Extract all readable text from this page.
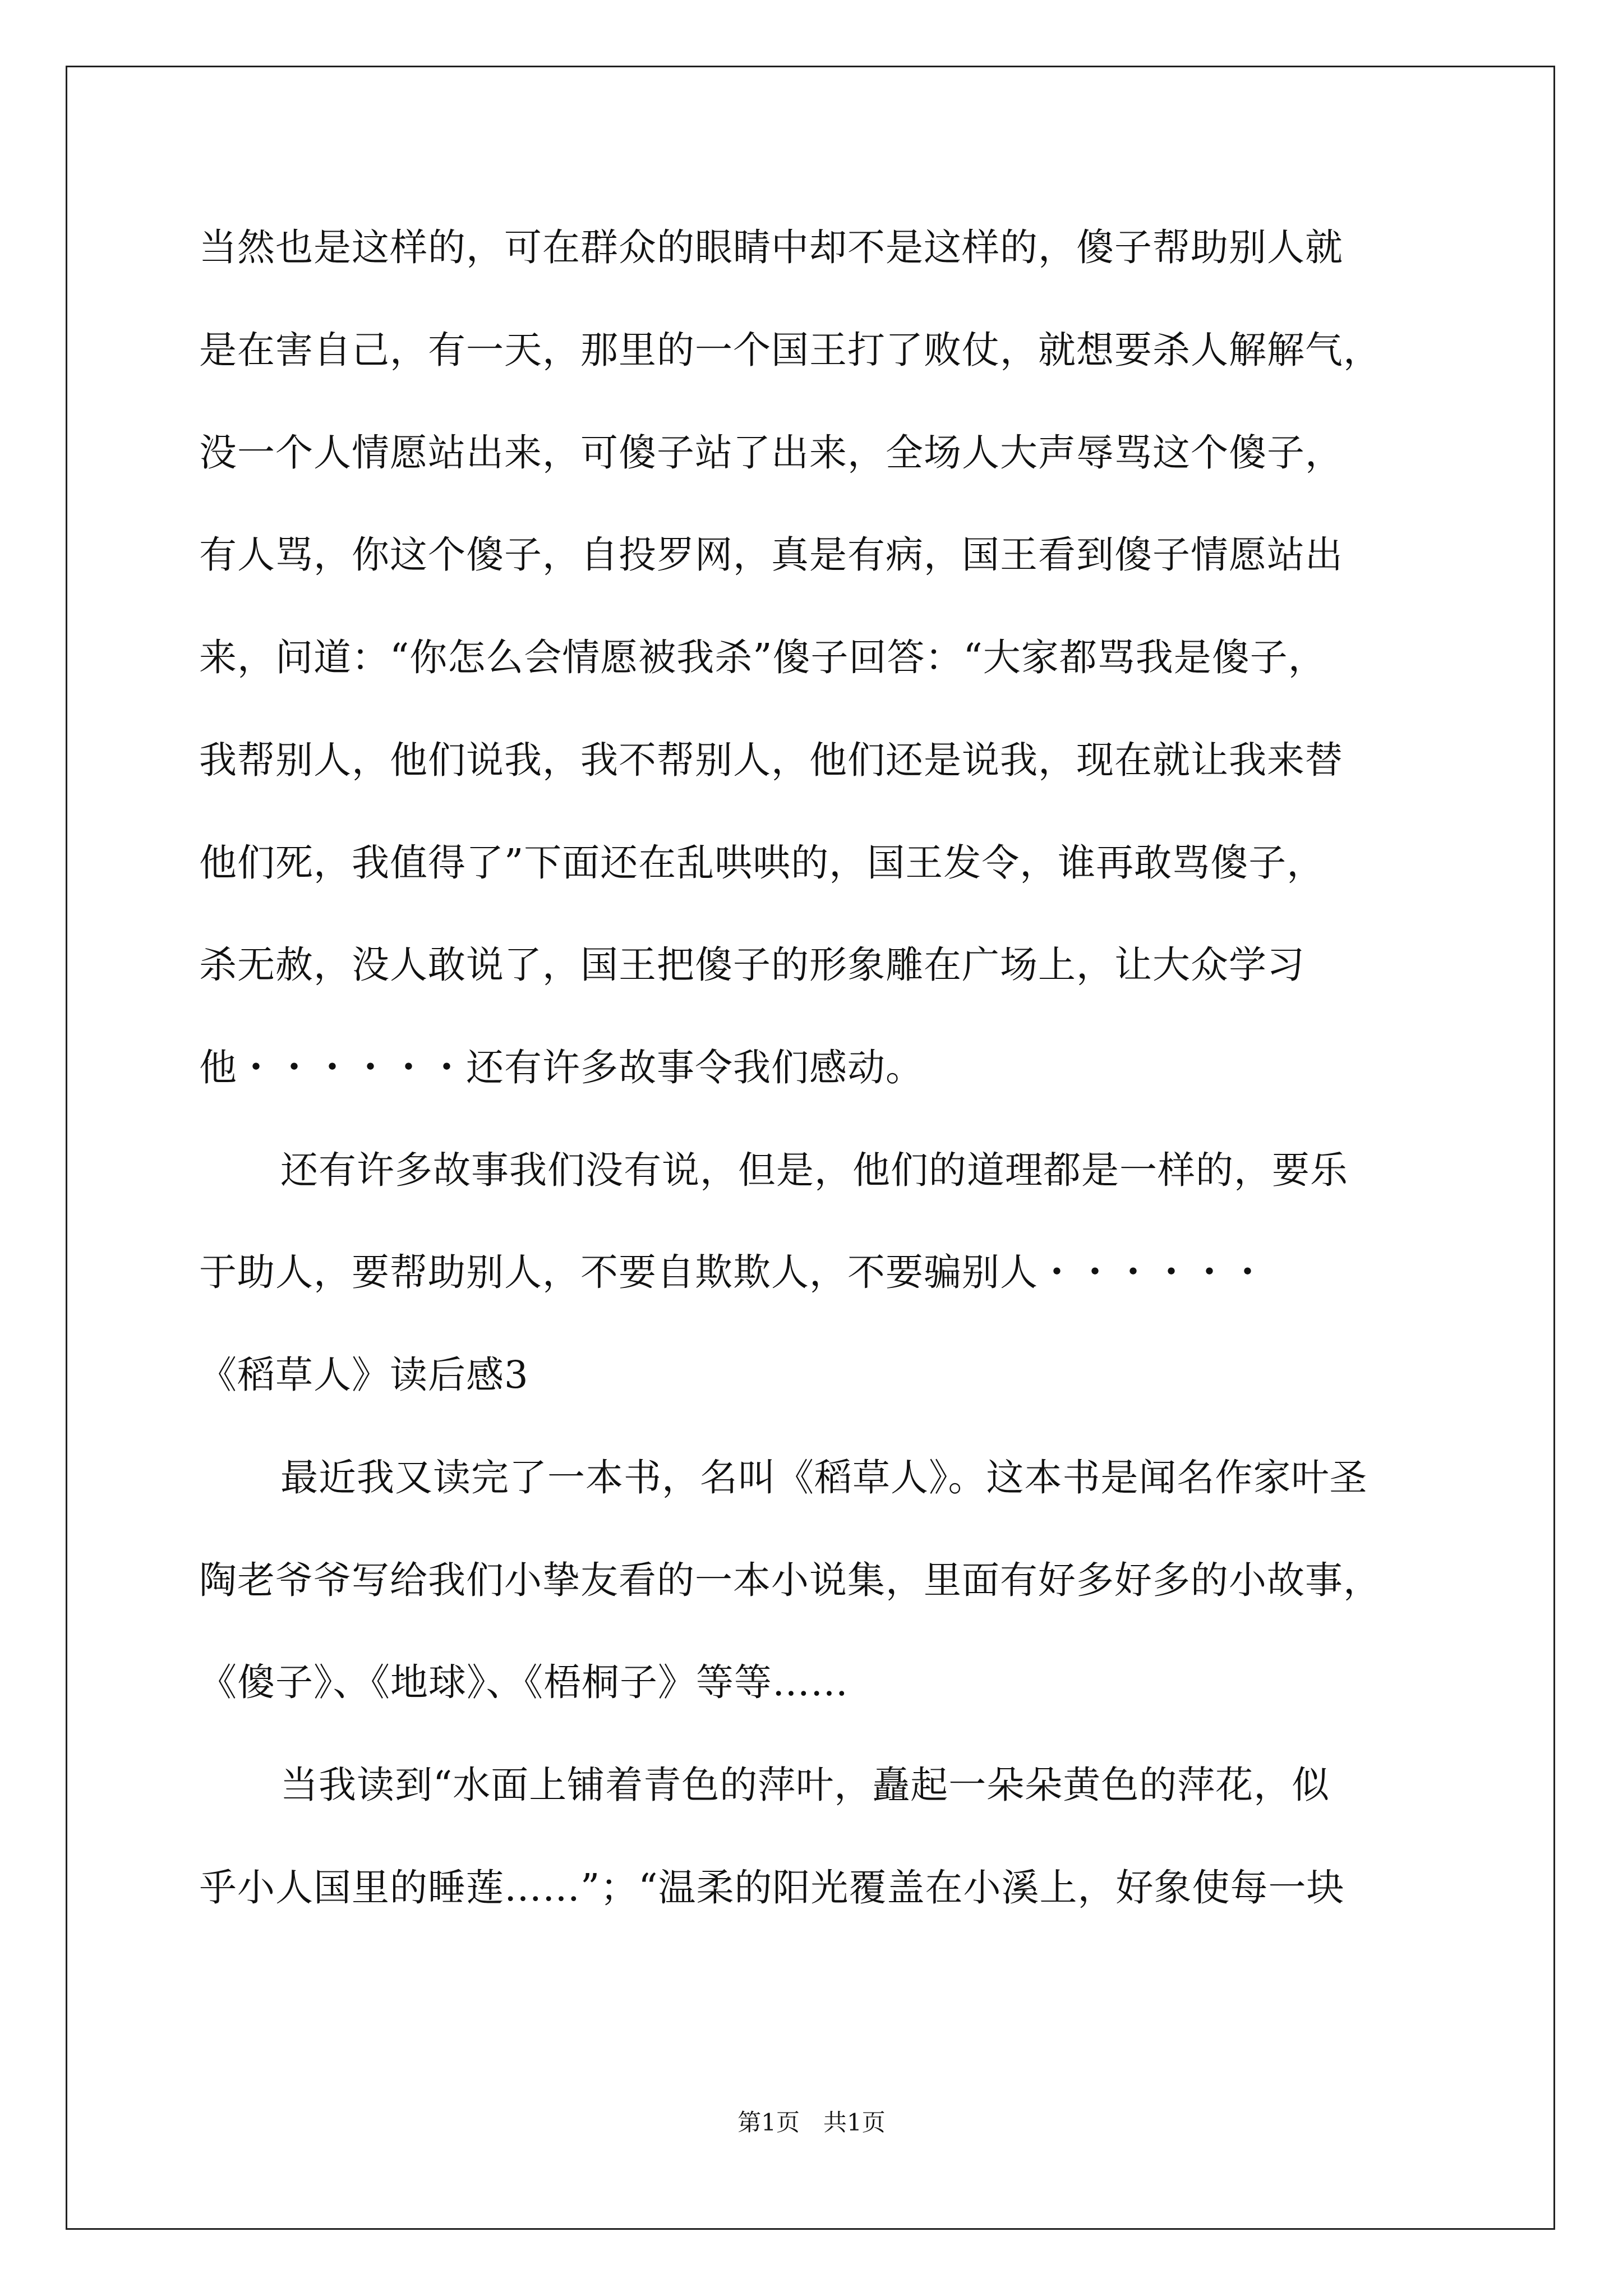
当然也是这样的，可在群众的眼睛中却不是这样的，傻子帮助别人就
是在害自己，有一天，那里的一个国王打了败仗，就想要杀人解解气，
没一个人情愿站出来，可傻子站了出来，全场人大声辱骂这个傻子，
有人骂，你这个傻子，自投罗网，真是有病，国王看到傻子情愿站出
来，问道：“你怎么会情愿被我杀”傻子回答：“大家都骂我是傻子，
我帮别人，他们说我，我不帮别人，他们还是说我，现在就让我来替
他们死，我值得了”下面还在乱哄哄的，国王发令，谁再敢骂傻子，
杀无赦，没人敢说了，国王把傻子的形象雕在广场上，让大众学习
他・・・・・・还有许多故事令我们感动。
还有许多故事我们没有说，但是，他们的道理都是一样的，要乐
于助人，要帮助别人，不要自欺欺人，不要骗别人・・・・・・
《稻草人》读后感3
最近我又读完了一本书，名叫《稻草人》。这本书是闻名作家叶圣
陶老爷爷写给我们小挚友看的一本小说集，里面有好多好多的小故事，
《傻子》、《地球》、《梧桐子》等等……
当我读到“水面上铺着青色的萍叶，矗起一朵朵黄色的萍花，似
乎小人国里的睡莲……”；“温柔的阳光覆盖在小溪上，好象使每一块
第1页　共1页
